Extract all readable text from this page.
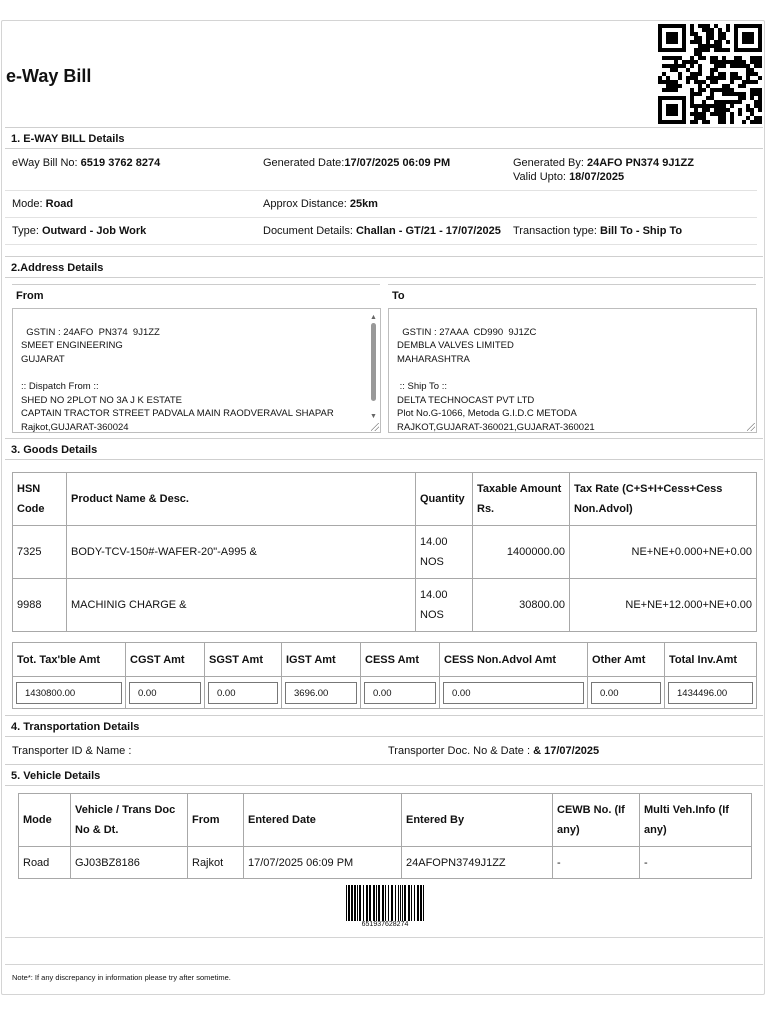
e-Way Bill
1. E-WAY BILL Details
eWay Bill No: 6519 3762 8274	Generated Date:17/07/2025 06:09 PM	Generated By: 24AFO PN374 9J1ZZ
Valid Upto: 18/07/2025
Mode: Road	Approx Distance: 25km
Type: Outward - Job Work	Document Details: Challan - GT/21 - 17/07/2025 Transaction type: Bill To - Ship To
2.Address Details
From	To

GSTIN : 24AFO  PN374  9J1ZZ
SMEET ENGINEERING
GUJARAT

:: Dispatch From ::
SHED NO 2PLOT NO 3A J K ESTATE
CAPTAIN TRACTOR STREET PADVALA MAIN RAODVERAVAL SHAPAR
Rajkot,GUJARAT-360024

▲

▼

GSTIN : 27AAA  CD990  9J1ZC
DEMBLA VALVES LIMITED
MAHARASHTRA

:: Ship To ::
DELTA TECHNOCAST PVT LTD
Plot No.G-1066, Metoda G.I.D.C METODA
RAJKOT,GUJARAT-360021,GUJARAT-360021

3. Goods Details
HSN Code	Product Name & Desc.	Quantity	Taxable Amount Rs.	Tax Rate (C+S+I+Cess+Cess Non.Advol)
7325	BODY-TCV-150#-WAFER-20"-A995 &	14.00 NOS	1400000.00	NE+NE+0.000+NE+0.00
9988	MACHINIG CHARGE &	14.00 NOS	30800.00	NE+NE+12.000+NE+0.00
Tot. Tax'ble Amt	CGST Amt	SGST Amt	IGST Amt	CESS Amt	CESS Non.Advol Amt	Other Amt	Total Inv.Amt

1430800.00	0.00	0.00	3696.00	0.00	0.00	0.00	1434496.00
4. Transportation Details
Transporter ID & Name :	Transporter Doc. No & Date : & 17/07/2025
5. Vehicle Details
Mode	Vehicle / Trans Doc No & Dt.	From	Entered Date	Entered By	CEWB No. (If any)	Multi Veh.Info (If any)
Road	GJ03BZ8186	Rajkot	17/07/2025 06:09 PM	24AFOPN3749J1ZZ	-	-
651937628274
Note*: If any discrepancy in information please try after sometime.
